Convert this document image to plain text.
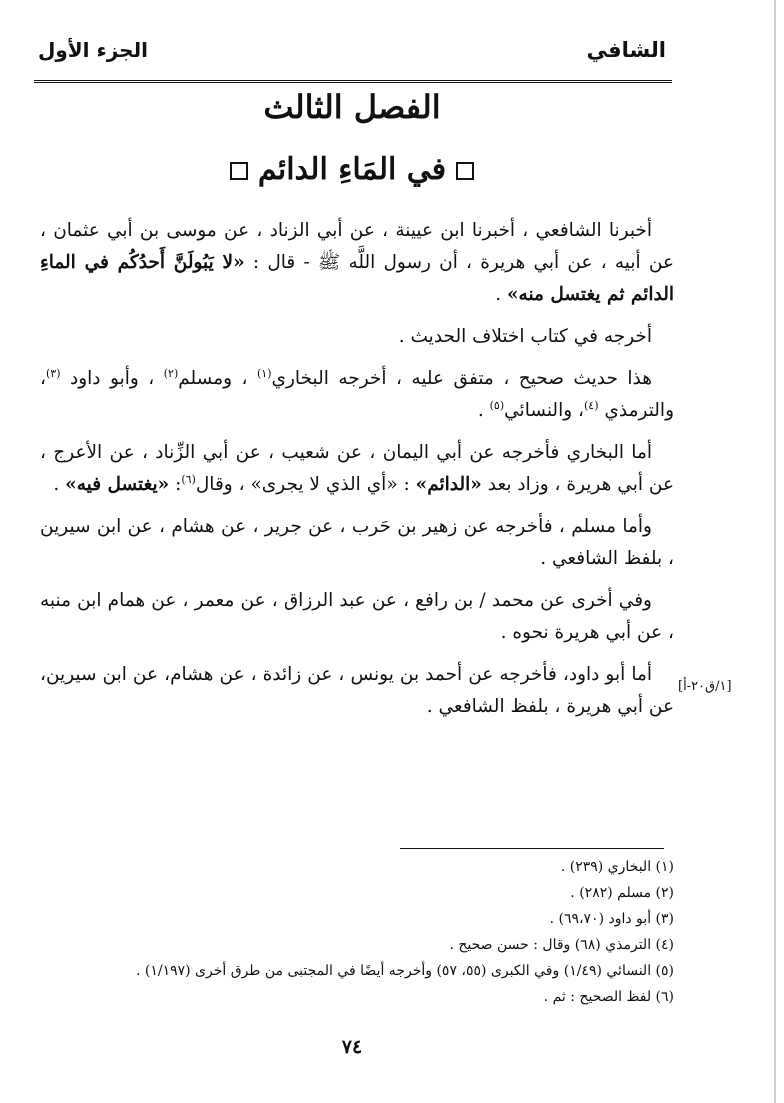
الشافي
الجزء الأول
الفصل الثالث
في المَاءِ الدائم

أخبرنا الشافعي ، أخبرنا ابن عيينة ، عن أبي الزناد ، عن موسى بن أبي عثمان ، عن أبيه ، عن أبي هريرة ، أن رسول اللَّه ﷺ - قال : «لا يَبُولَنَّ أَحدُكُم في الماءِ الدائم ثم يغتسل منه» .

أخرجه في كتاب اختلاف الحديث .

هذا حديث صحيح ، متفق عليه ، أخرجه البخاري$^{(١)}$ ، ومسلم$^{(٢)}$ ، وأبو داود $^{(٣)}$، والترمذي $^{(٤)}$، والنسائي$^{(٥)}$ .

أما البخاري فأخرجه عن أبي اليمان ، عن شعيب ، عن أبي الزِّناد ، عن الأعرج ، عن أبي هريرة ، وزاد بعد «الدائم» : «أي الذي لا يجرى» ، وقال$^{(٦)}$: «يغتسل فيه» .

وأما مسلم ، فأخرجه عن زهير بن حَرب ، عن جرير ، عن هشام ، عن ابن سيرين ، بلفظ الشافعي .

وفي أخرى عن محمد / بن رافع ، عن عبد الرزاق ، عن معمر ، عن همام ابن منبه ، عن أبي هريرة نحوه .

أما أبو داود، فأخرجه عن أحمد بن يونس ، عن زائدة ، عن هشام، عن ابن سيرين، عن أبي هريرة ، بلفظ الشافعي .

[١/ق٢٠-أ]
(١) البخاري (٢٣٩) .
(٢) مسلم (٢٨٢) .
(٣) أبو داود (٦٩،٧٠) .
(٤) الترمذي (٦٨) وقال : حسن صحيح .
(٥) النسائي (١/٤٩) وفي الكبرى (٥٥، ٥٧) وأخرجه أيضًا في المجتبى من طرق أخرى (١/١٩٧) .
(٦) لفظ الصحيح : ثم .
٧٤
